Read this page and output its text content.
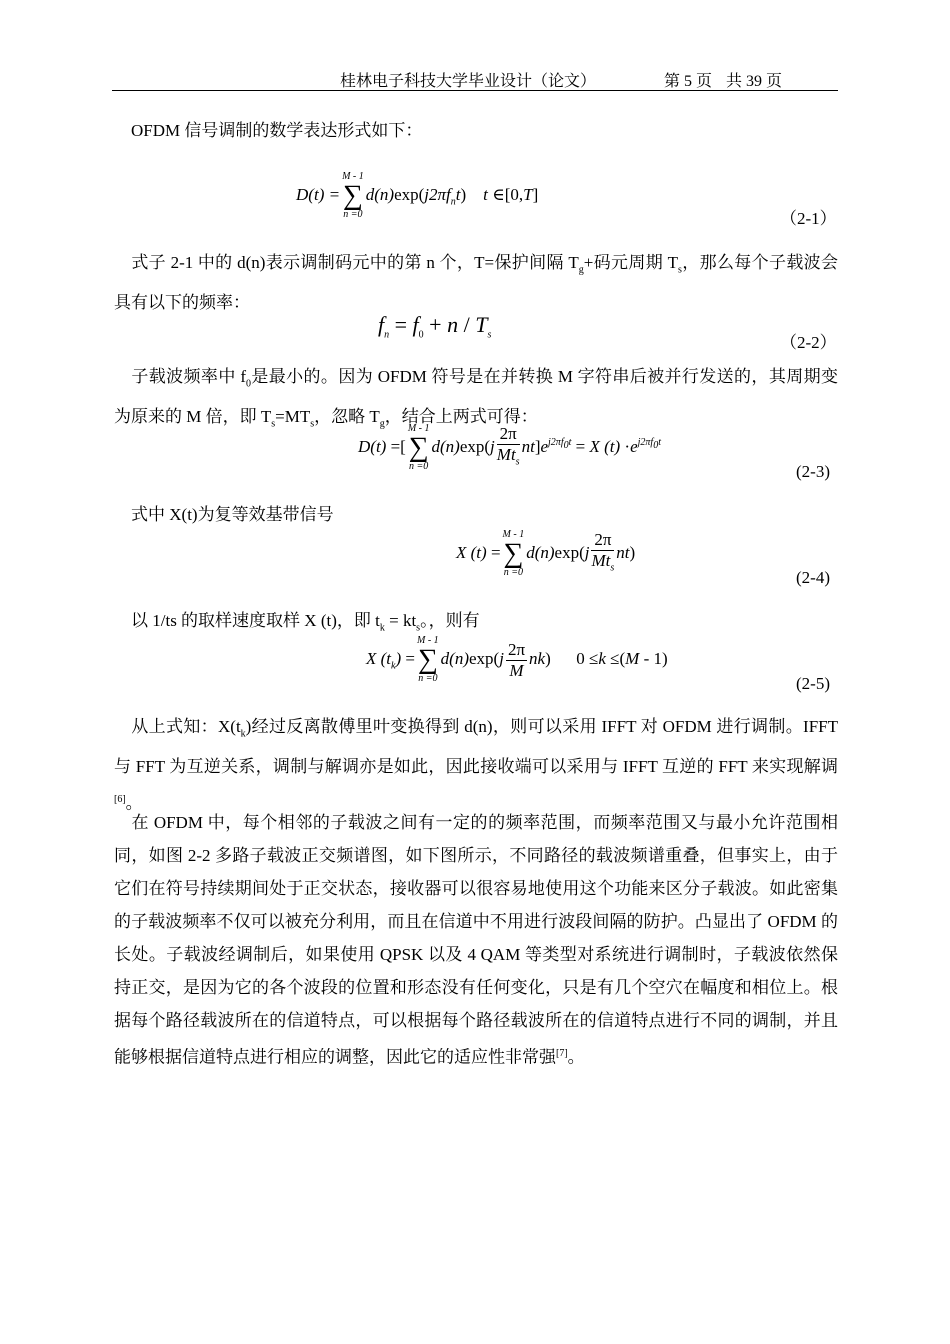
桂林电子科技大学毕业设计（论文）	第 5 页 共 39 页
OFDM 信号调制的数学表达形式如下：
D(t) =
M - 1
∑
n =0
$d(n)\exp(j2\pi f_nt)$    t ∈[0,T]
（2-1）
式子 2-1 中的 d(n)表示调制码元中的第 n 个，T=保护间隔 $T_g+$码元周期 $T_s$，那么每个子载波会具有以下的频率：
$f_n = f_0 + n / T_s$	（2-2）
子载波频率中 $f_0$是最小的。因为 OFDM 符号是在并转换 M 字符串后被并行发送的，其周期变为原来的 M 倍，即 $T_s=MT_s$，忽略 $T_g$，结合上两式可得：
D(t) =[
M - 1
∑
n =0
$d(n)\exp(j \frac{2\pi}{Mt_s} nt]e^{j2\pi f_0t} = X$ $(t) \cdot e^{j2\pi f_0t}$
(2-3)
式中 X(t)为复等效基带信号
X (t) =
M - 1
∑
n =0
$d(n)\exp(j \frac{2\pi}{Mt_s} nt)$
(2-4)
以 1/ts 的取样速度取样 X (t)，即 $t_k = kt_s$。，则有
X $(t_k)$ =
M - 1
∑
n =0
$d(n)\exp(j \frac{2\pi}{M} nk)$ 0 ≤k ≤(M - 1)
(2-5)
从上式知：$X(t_k)$经过反离散傅里叶变换得到 d(n)，则可以采用 IFFT 对 OFDM 进行调制。IFFT 与 FFT 为互逆关系，调制与解调亦是如此，因此接收端可以采用与 IFFT 互逆的 FFT 来实现解调[6]。
在 OFDM 中，每个相邻的子载波之间有一定的的频率范围，而频率范围又与最小允许范围相同，如图 2-2 多路子载波正交频谱图，如下图所示，不同路径的载波频谱重叠，但事实上，由于它们在符号持续期间处于正交状态，接收器可以很容易地使用这个功能来区分子载波。如此密集的子载波频率不仅可以被充分利用，而且在信道中不用进行波段间隔的防护。凸显出了 OFDM 的长处。子载波经调制后，如果使用 QPSK 以及 4 QAM 等类型对系统进行调制时，子载波依然保持正交，是因为它的各个波段的位置和形态没有任何变化，只是有几个空穴在幅度和相位上。根据每个路径载波所在的信道特点，可以根据每个路径载波所在的信道特点进行不同的调制，并且能够根据信道特点进行相应的调整，因此它的适应性非常强[7]。
